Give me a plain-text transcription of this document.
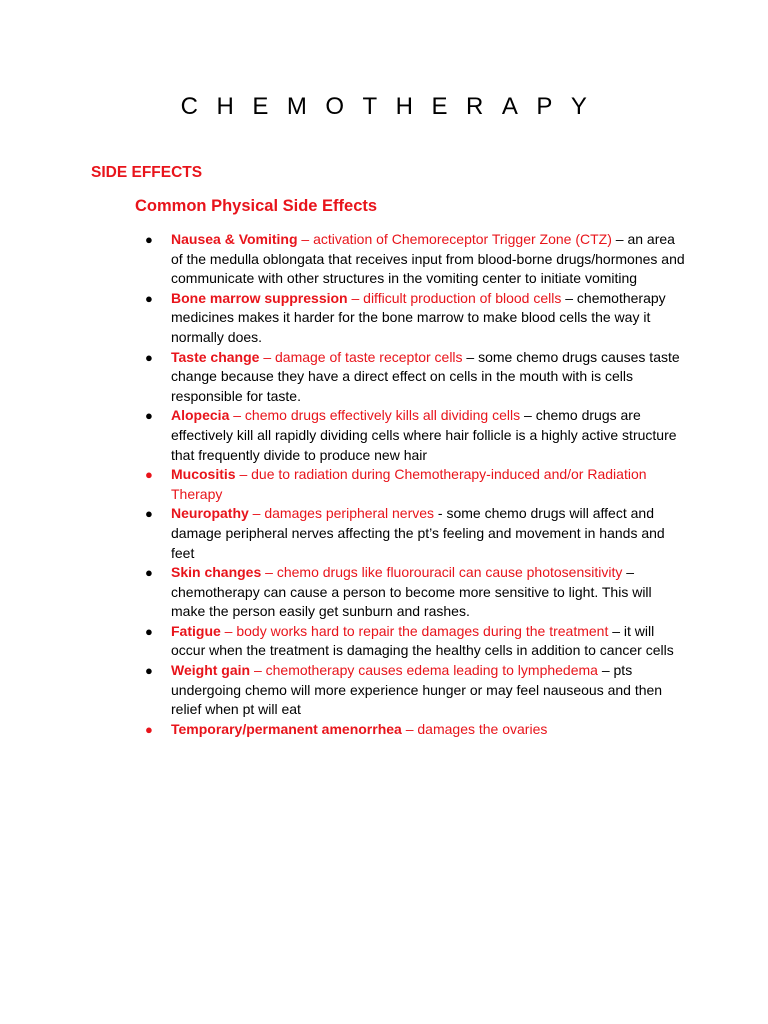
CHEMOTHERAPY
SIDE EFFECTS
Common Physical Side Effects
● Nausea & Vomiting – activation of Chemoreceptor Trigger Zone (CTZ) – an area of the medulla oblongata that receives input from blood-borne drugs/hormones and communicate with other structures in the vomiting center to initiate vomiting
● Bone marrow suppression – difficult production of blood cells – chemotherapy medicines makes it harder for the bone marrow to make blood cells the way it normally does.
● Taste change – damage of taste receptor cells – some chemo drugs causes taste change because they have a direct effect on cells in the mouth with is cells responsible for taste.
● Alopecia – chemo drugs effectively kills all dividing cells – chemo drugs are effectively kill all rapidly dividing cells where hair follicle is a highly active structure that frequently divide to produce new hair
● Mucositis – due to radiation during Chemotherapy-induced and/or Radiation Therapy
● Neuropathy – damages peripheral nerves - some chemo drugs will affect and damage peripheral nerves affecting the pt’s feeling and movement in hands and feet
● Skin changes – chemo drugs like fluorouracil can cause photosensitivity – chemotherapy can cause a person to become more sensitive to light. This will make the person easily get sunburn and rashes.
● Fatigue – body works hard to repair the damages during the treatment – it will occur when the treatment is damaging the healthy cells in addition to cancer cells
● Weight gain – chemotherapy causes edema leading to lymphedema – pts undergoing chemo will more experience hunger or may feel nauseous and then relief when pt will eat
● Temporary/permanent amenorrhea – damages the ovaries
